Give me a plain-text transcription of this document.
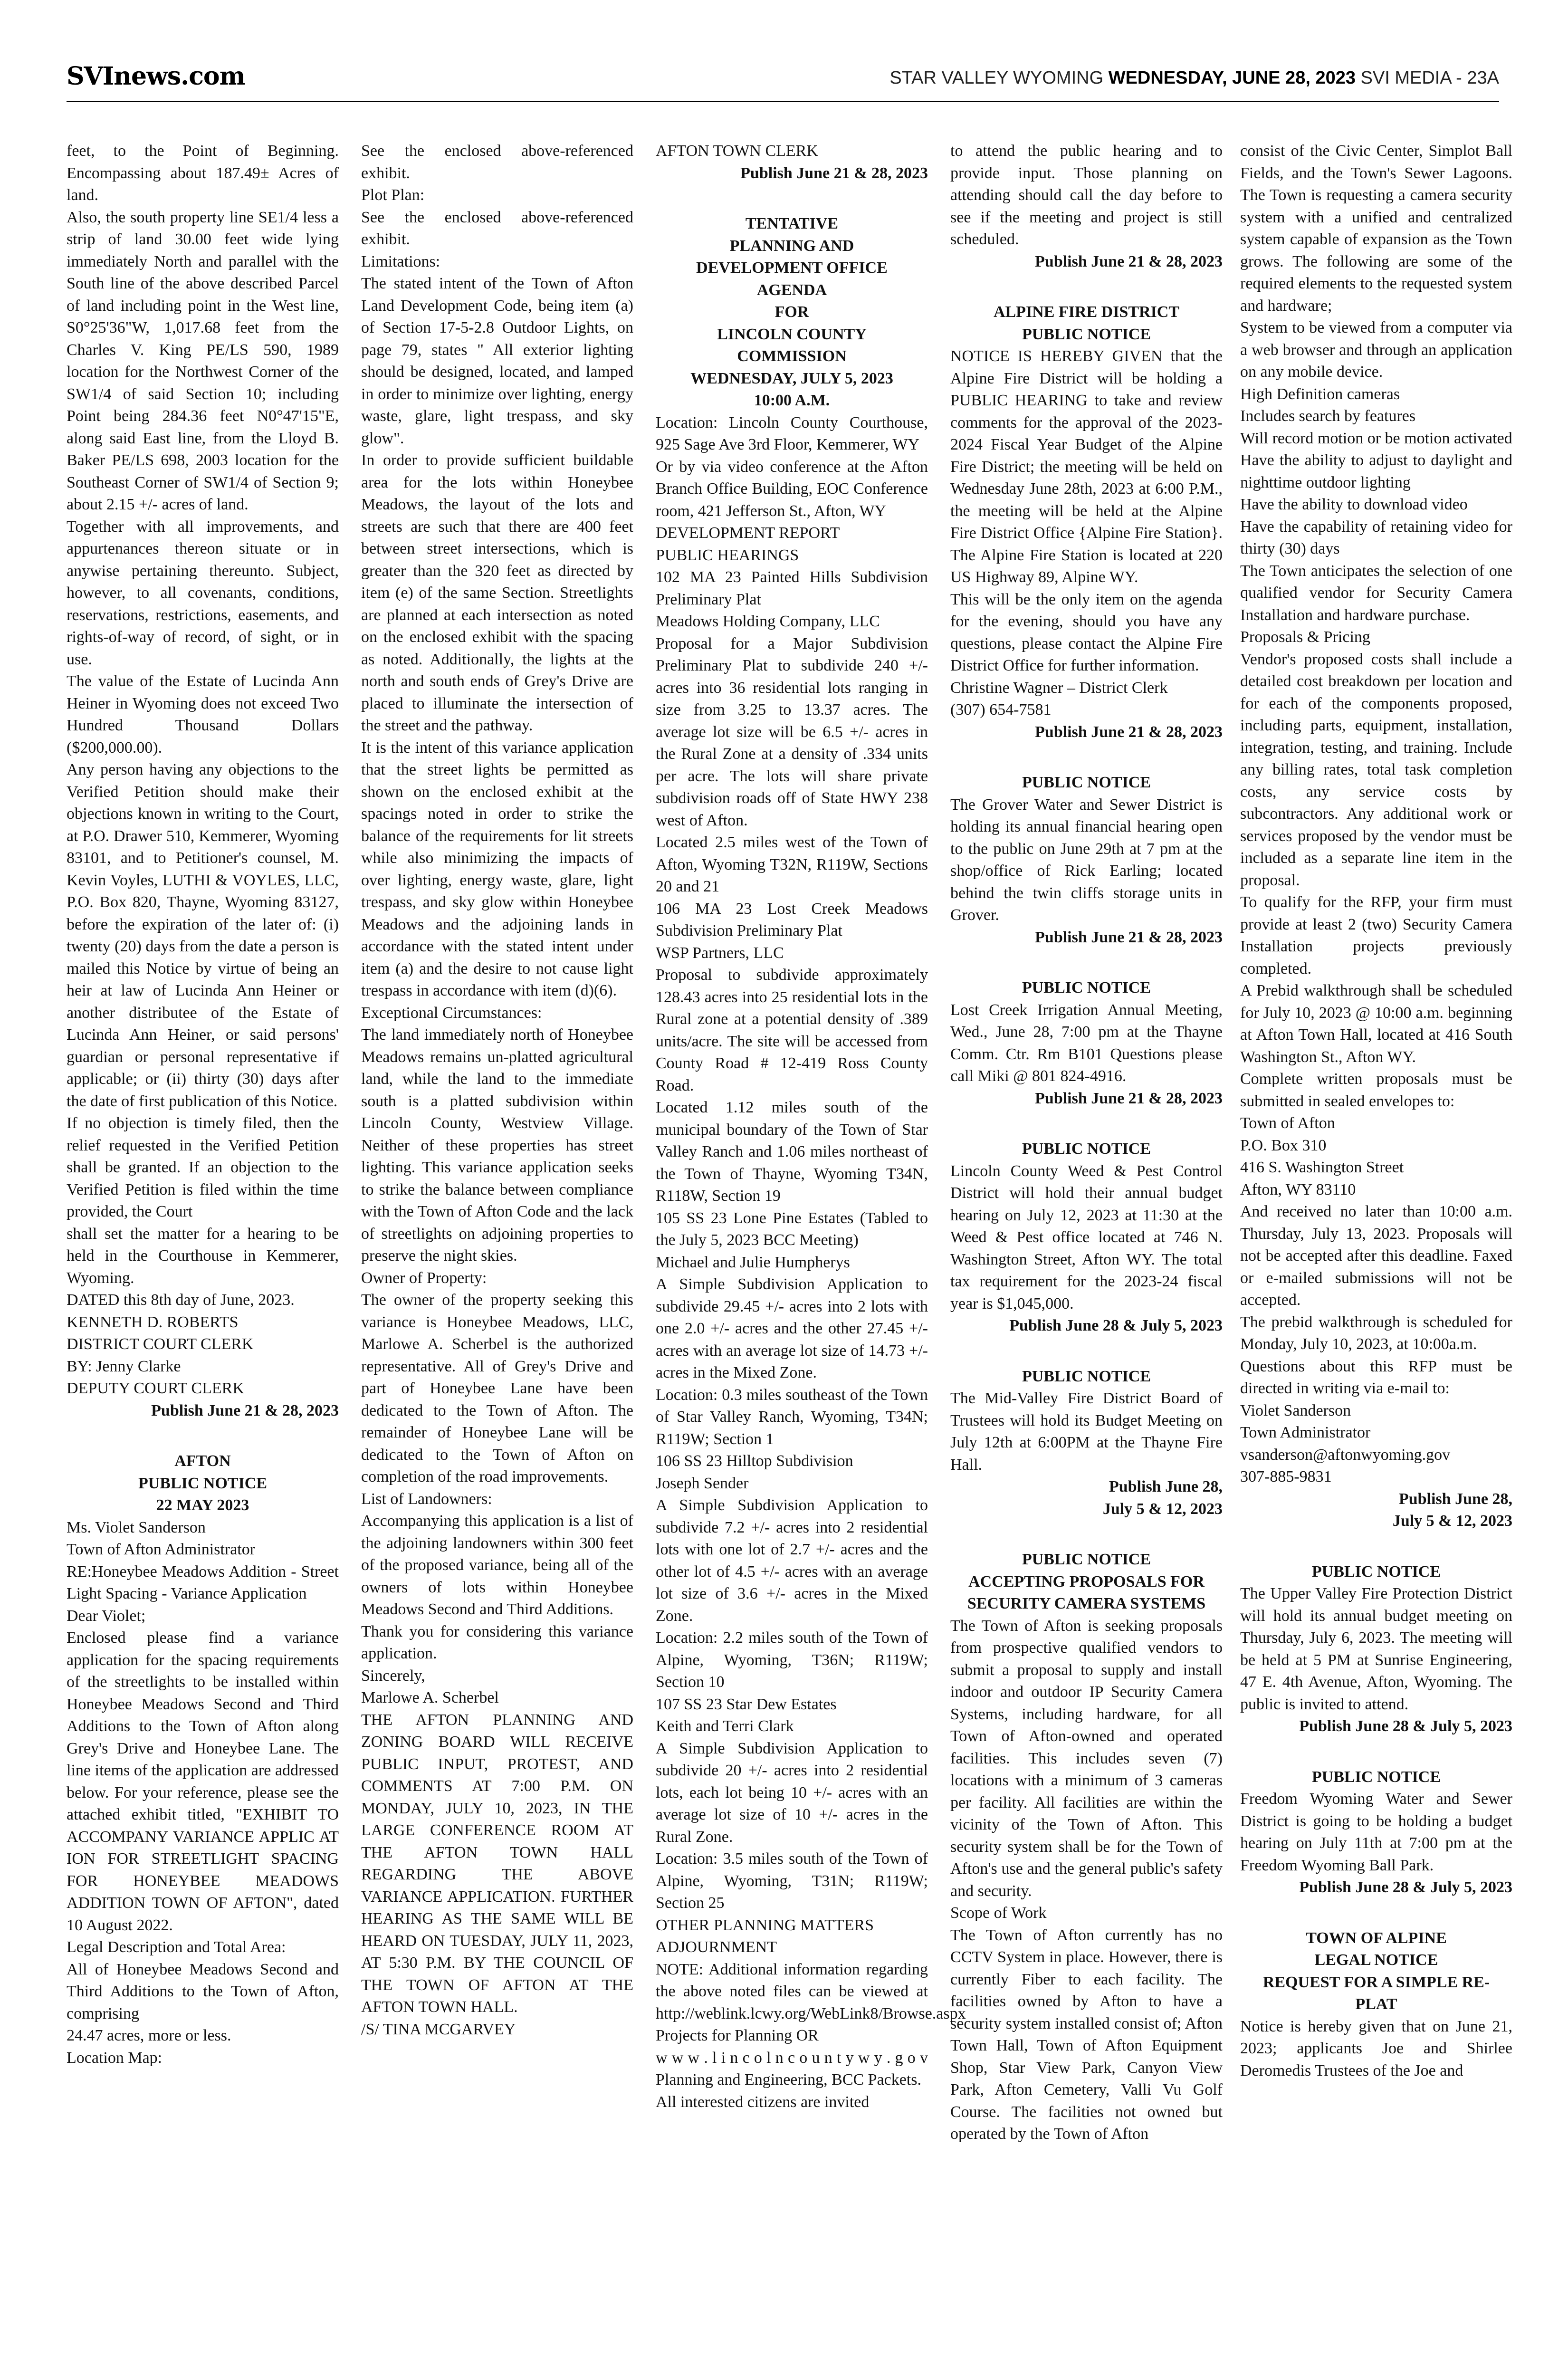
SVInews.com	STAR VALLEY WYOMING WEDNESDAY, JUNE 28, 2023 SVI MEDIA - 23A

feet, to the Point of Beginning. Encompassing about 187.49± Acres of land.

Also, the south property line SE1/4 less a strip of land 30.00 feet wide lying immediately North and parallel with the South line of the above described Parcel of land including point in the West line, S0°25'36"W, 1,017.68 feet from the Charles V. King PE/LS 590, 1989 location for the Northwest Corner of the SW1/4 of said Section 10; including Point being 284.36 feet N0°47'15"E, along said East line, from the Lloyd B. Baker PE/LS 698, 2003 location for the Southeast Corner of SW1/4 of Section 9; about 2.15 +/- acres of land.

Together with all improvements, and appurtenances thereon situate or in anywise pertaining thereunto. Subject, however, to all covenants, conditions, reservations, restrictions, easements, and rights-of-way of record, of sight, or in use.

The value of the Estate of Lucinda Ann Heiner in Wyoming does not exceed Two Hundred Thousand Dollars ($200,000.00).

Any person having any objections to the Verified Petition should make their objections known in writing to the Court, at P.O. Drawer 510, Kemmerer, Wyoming 83101, and to Petitioner's counsel, M. Kevin Voyles, LUTHI & VOYLES, LLC, P.O. Box 820, Thayne, Wyoming 83127, before the expiration of the later of: (i) twenty (20) days from the date a person is mailed this Notice by virtue of being an heir at law of Lucinda Ann Heiner or another distributee of the Estate of Lucinda Ann Heiner, or said persons' guardian or personal representative if applicable; or (ii) thirty (30) days after the date of first publication of this Notice.

If no objection is timely filed, then the relief requested in the Verified Petition shall be granted. If an objection to the Verified Petition is filed within the time provided, the Court

shall set the matter for a hearing to be held in the Courthouse in Kemmerer, Wyoming.

DATED this 8th day of June, 2023.

KENNETH D. ROBERTS

DISTRICT COURT CLERK

BY: Jenny Clarke

DEPUTY COURT CLERK

Publish June 21 & 28, 2023

AFTON

PUBLIC NOTICE

22 MAY 2023

Ms. Violet Sanderson

Town of Afton Administrator

RE:Honeybee Meadows Addition - Street Light Spacing - Variance Application

Dear Violet;

Enclosed please find a variance application for the spacing requirements of the streetlights to be installed within Honeybee Meadows Second and Third Additions to the Town of Afton along Grey's Drive and Honeybee Lane. The line items of the application are addressed below. For your reference, please see the attached exhibit titled, "EXHIBIT TO ACCOMPANY VARIANCE APPLIC AT ION FOR STREETLIGHT SPACING FOR HONEYBEE MEADOWS ADDITION TOWN OF AFTON", dated 10 August 2022.

Legal Description and Total Area:

All of Honeybee Meadows Second and Third Additions to the Town of Afton, comprising

24.47 acres, more or less.

Location Map:

See the enclosed above-referenced exhibit.

Plot Plan:

See the enclosed above-referenced exhibit.

Limitations:

The stated intent of the Town of Afton Land Development Code, being item (a) of Section 17-5-2.8 Outdoor Lights, on page 79, states " All exterior lighting should be designed, located, and lamped in order to minimize over lighting, energy waste, glare, light trespass, and sky glow".

In order to provide sufficient buildable area for the lots within Honeybee Meadows, the layout of the lots and streets are such that there are 400 feet between street intersections, which is greater than the 320 feet as directed by item (e) of the same Section. Streetlights are planned at each intersection as noted on the enclosed exhibit with the spacing as noted. Additionally, the lights at the north and south ends of Grey's Drive are placed to illuminate the intersection of the street and the pathway.

It is the intent of this variance application that the street lights be permitted as shown on the enclosed exhibit at the spacings noted in order to strike the balance of the requirements for lit streets while also minimizing the impacts of over lighting, energy waste, glare, light trespass, and sky glow within Honeybee Meadows and the adjoining lands in accordance with the stated intent under item (a) and the desire to not cause light trespass in accordance with item (d)(6).

Exceptional Circumstances:

The land immediately north of Honeybee Meadows remains un-platted agricultural land, while the land to the immediate south is a platted subdivision within Lincoln County, Westview Village. Neither of these properties has street lighting. This variance application seeks to strike the balance between compliance with the Town of Afton Code and the lack of streetlights on adjoining properties to preserve the night skies.

Owner of Property:

The owner of the property seeking this variance is Honeybee Meadows, LLC, Marlowe A. Scherbel is the authorized representative. All of Grey's Drive and part of Honeybee Lane have been dedicated to the Town of Afton. The remainder of Honeybee Lane will be dedicated to the Town of Afton on completion of the road improvements.

List of Landowners:

Accompanying this application is a list of the adjoining landowners within 300 feet of the proposed variance, being all of the owners of lots within Honeybee Meadows Second and Third Additions.

Thank you for considering this variance application.

Sincerely,

Marlowe A. Scherbel

THE AFTON PLANNING AND ZONING BOARD WILL RECEIVE PUBLIC INPUT, PROTEST, AND COMMENTS AT 7:00 P.M. ON MONDAY, JULY 10, 2023, IN THE LARGE CONFERENCE ROOM AT THE AFTON TOWN HALL REGARDING THE ABOVE VARIANCE APPLICATION. FURTHER HEARING AS THE SAME WILL BE HEARD ON TUESDAY, JULY 11, 2023, AT 5:30 P.M. BY THE COUNCIL OF THE TOWN OF AFTON AT THE AFTON TOWN HALL.

/S/ TINA MCGARVEY

AFTON TOWN CLERK

Publish June 21 & 28, 2023

TENTATIVE

PLANNING AND

DEVELOPMENT OFFICE

AGENDA

FOR

LINCOLN COUNTY

COMMISSION

WEDNESDAY, JULY 5, 2023

10:00 A.M.

Location: Lincoln County Courthouse, 925 Sage Ave 3rd Floor, Kemmerer, WY

Or by via video conference at the Afton Branch Office Building, EOC Conference room, 421 Jefferson St., Afton, WY

DEVELOPMENT REPORT

PUBLIC HEARINGS

102 MA 23 Painted Hills Subdivision Preliminary Plat

Meadows Holding Company, LLC

Proposal for a Major Subdivision Preliminary Plat to subdivide 240 +/- acres into 36 residential lots ranging in size from 3.25 to 13.37 acres. The average lot size will be 6.5 +/- acres in the Rural Zone at a density of .334 units per acre. The lots will share private subdivision roads off of State HWY 238 west of Afton.

Located 2.5 miles west of the Town of Afton, Wyoming T32N, R119W, Sections 20 and 21

106 MA 23 Lost Creek Meadows Subdivision Preliminary Plat

WSP Partners, LLC

Proposal to subdivide approximately 128.43 acres into 25 residential lots in the Rural zone at a potential density of .389 units/acre. The site will be accessed from County Road # 12-419 Ross County Road.

Located 1.12 miles south of the municipal boundary of the Town of Star Valley Ranch and 1.06 miles northeast of the Town of Thayne, Wyoming T34N, R118W, Section 19

105 SS 23 Lone Pine Estates (Tabled to the July 5, 2023 BCC Meeting)

Michael and Julie Humpherys

A Simple Subdivision Application to subdivide 29.45 +/- acres into 2 lots with one 2.0 +/- acres and the other 27.45 +/- acres with an average lot size of 14.73 +/- acres in the Mixed Zone.

Location: 0.3 miles southeast of the Town of Star Valley Ranch, Wyoming, T34N; R119W; Section 1

106 SS 23 Hilltop Subdivision

Joseph Sender

A Simple Subdivision Application to subdivide 7.2 +/- acres into 2 residential lots with one lot of 2.7 +/- acres and the other lot of 4.5 +/- acres with an average lot size of 3.6 +/- acres in the Mixed Zone.

Location: 2.2 miles south of the Town of Alpine, Wyoming, T36N; R119W; Section 10

107 SS 23 Star Dew Estates

Keith and Terri Clark

A Simple Subdivision Application to subdivide 20 +/- acres into 2 residential lots, each lot being 10 +/- acres with an average lot size of 10 +/- acres in the Rural Zone.

Location: 3.5 miles south of the Town of Alpine, Wyoming, T31N; R119W; Section 25

OTHER PLANNING MATTERS

ADJOURNMENT

NOTE: Additional information regarding the above noted files can be viewed at http://weblink.lcwy.org/WebLink8/Browse.aspx Projects for Planning OR

w w w . l i n c o l n c o u n t y w y . g o v Planning and Engineering, BCC Packets.

All interested citizens are invited

to attend the public hearing and to provide input. Those planning on attending should call the day before to see if the meeting and project is still scheduled.

Publish June 21 & 28, 2023

ALPINE FIRE DISTRICT

PUBLIC NOTICE

NOTICE IS HEREBY GIVEN that the Alpine Fire District will be holding a PUBLIC HEARING to take and review comments for the approval of the 2023-2024 Fiscal Year Budget of the Alpine Fire District; the meeting will be held on Wednesday June 28th, 2023 at 6:00 P.M., the meeting will be held at the Alpine Fire District Office {Alpine Fire Station}. The Alpine Fire Station is located at 220 US Highway 89, Alpine WY.

This will be the only item on the agenda for the evening, should you have any questions, please contact the Alpine Fire District Office for further information.

Christine Wagner – District Clerk

(307) 654-7581

Publish June 21 & 28, 2023

PUBLIC NOTICE

The Grover Water and Sewer District is holding its annual financial hearing open to the public on June 29th at 7 pm at the shop/office of Rick Earling; located behind the twin cliffs storage units in Grover.

Publish June 21 & 28, 2023

PUBLIC NOTICE

Lost Creek Irrigation Annual Meeting, Wed., June 28, 7:00 pm at the Thayne Comm. Ctr. Rm B101 Questions please call Miki @ 801 824-4916.

Publish June 21 & 28, 2023

PUBLIC NOTICE

Lincoln County Weed & Pest Control District will hold their annual budget hearing on July 12, 2023 at 11:30 at the Weed & Pest office located at 746 N. Washington Street, Afton WY. The total tax requirement for the 2023-24 fiscal year is $1,045,000.

Publish June 28 & July 5, 2023

PUBLIC NOTICE

The Mid-Valley Fire District Board of Trustees will hold its Budget Meeting on July 12th at 6:00PM at the Thayne Fire Hall.

Publish June 28,

July 5 & 12, 2023

PUBLIC NOTICE

ACCEPTING PROPOSALS FOR

SECURITY CAMERA SYSTEMS

The Town of Afton is seeking proposals from prospective qualified vendors to submit a proposal to supply and install indoor and outdoor IP Security Camera Systems, including hardware, for all Town of Afton-owned and operated facilities. This includes seven (7) locations with a minimum of 3 cameras per facility. All facilities are within the vicinity of the Town of Afton. This security system shall be for the Town of Afton's use and the general public's safety and security.

Scope of Work

The Town of Afton currently has no CCTV System in place. However, there is currently Fiber to each facility. The facilities owned by Afton to have a security system installed consist of; Afton Town Hall, Town of Afton Equipment Shop, Star View Park, Canyon View Park, Afton Cemetery, Valli Vu Golf Course. The facilities not owned but operated by the Town of Afton

consist of the Civic Center, Simplot Ball Fields, and the Town's Sewer Lagoons. The Town is requesting a camera security system with a unified and centralized system capable of expansion as the Town grows. The following are some of the required elements to the requested system and hardware;

System to be viewed from a computer via a web browser and through an application on any mobile device.

High Definition cameras

Includes search by features

Will record motion or be motion activated

Have the ability to adjust to daylight and nighttime outdoor lighting

Have the ability to download video

Have the capability of retaining video for thirty (30) days

The Town anticipates the selection of one qualified vendor for Security Camera Installation and hardware purchase.

Proposals & Pricing

Vendor's proposed costs shall include a detailed cost breakdown per location and for each of the components proposed, including parts, equipment, installation, integration, testing, and training. Include any billing rates, total task completion costs, any service costs by subcontractors. Any additional work or services proposed by the vendor must be included as a separate line item in the proposal.

To qualify for the RFP, your firm must provide at least 2 (two) Security Camera Installation projects previously completed.

A Prebid walkthrough shall be scheduled for July 10, 2023 @ 10:00 a.m. beginning at Afton Town Hall, located at 416 South Washington St., Afton WY.

Complete written proposals must be submitted in sealed envelopes to:

Town of Afton

P.O. Box 310

416 S. Washington Street

Afton, WY 83110

And received no later than 10:00 a.m. Thursday, July 13, 2023. Proposals will not be accepted after this deadline. Faxed or e-mailed submissions will not be accepted.

The prebid walkthrough is scheduled for Monday, July 10, 2023, at 10:00a.m.

Questions about this RFP must be directed in writing via e-mail to:

Violet Sanderson

Town Administrator

vsanderson@aftonwyoming.gov

307-885-9831

Publish June 28,

July 5 & 12, 2023

PUBLIC NOTICE

The Upper Valley Fire Protection District will hold its annual budget meeting on Thursday, July 6, 2023. The meeting will be held at 5 PM at Sunrise Engineering, 47 E. 4th Avenue, Afton, Wyoming. The public is invited to attend.

Publish June 28 & July 5, 2023

PUBLIC NOTICE

Freedom Wyoming Water and Sewer District is going to be holding a budget hearing on July 11th at 7:00 pm at the Freedom Wyoming Ball Park.

Publish June 28 & July 5, 2023

TOWN OF ALPINE

LEGAL NOTICE

REQUEST FOR A SIMPLE RE-

PLAT

Notice is hereby given that on June 21, 2023; applicants Joe and Shirlee Deromedis Trustees of the Joe and
